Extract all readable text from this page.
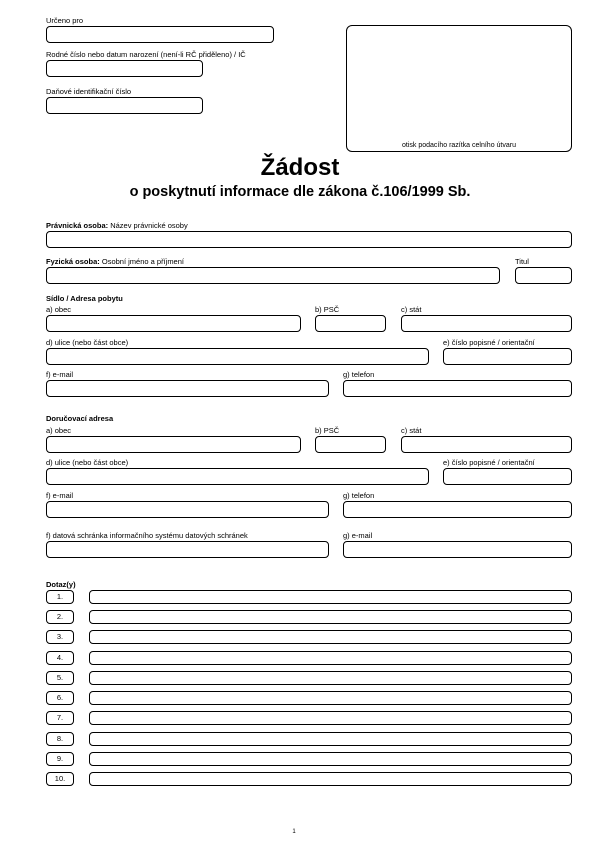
Určeno pro
Rodné číslo nebo datum narození (není-li RČ přiděleno) / IČ
Daňové identifikační číslo
otisk podacího razítka celního útvaru
Žádost
o poskytnutí informace dle zákona č.106/1999 Sb.
Právnická osoba: Název právnické osoby
Fyzická osoba: Osobní jméno a příjmení	Titul
Sídlo / Adresa pobytu
a) obec	b) PSČ	c) stát
d) ulice (nebo část obce)	e) číslo popisné / orientační
f) e-mail	g) telefon
Doručovací adresa
a) obec	b) PSČ	c) stát
d) ulice (nebo část obce)	e) číslo popisné / orientační
f) e-mail	g) telefon
f) datová schránka informačního systému datových schránek	g) e-mail
Dotaz(y)
1.
2.
3.
4.
5.
6.
7.
8.
9.
10.
1
